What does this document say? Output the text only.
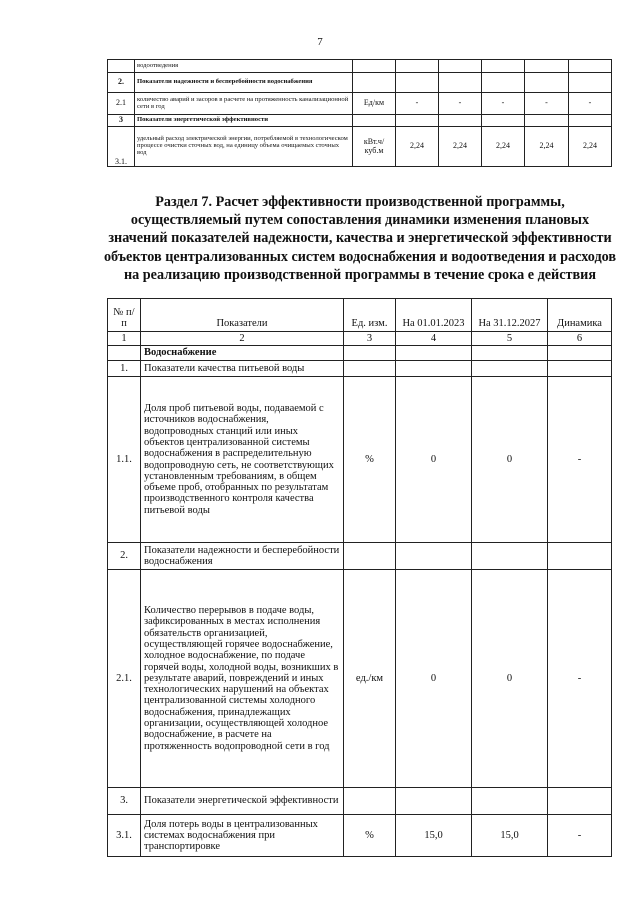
7
	водоотведения						
2.	Показатели надежности и бесперебойности водоснабжения						
2.1	количество аварий и засоров в расчете на протяженность канализационной сети в год	Ед/км	-	-	-	-	-
3	Показатели энергетической эффективности						
3.1.	удельный расход электрической энергии, потребляемой в технологическом процессе очистки сточных вод, на единицу объема очищаемых сточных вод	кВт.ч/ куб.м	2,24	2,24	2,24	2,24	2,24
Раздел 7. Расчет эффективности производственной программы, осуществляемый путем сопоставления динамики изменения плановых значений показателей надежности, качества и энергетической эффективности объектов централизованных систем водоснабжения и водоотведения и расходов на реализацию производственной программы в течение срока е действия
№ п/п	Показатели	Ед. изм.	На 01.01.2023	На 31.12.2027	Динамика
1	2	3	4	5	6
	Водоснабжение				
1.	Показатели качества питьевой воды				
1.1.	Доля проб питьевой воды, подаваемой с источников водоснабжения, водопроводных станций или иных объектов централизованной системы водоснабжения в распределительную водопроводную сеть, не соответствующих установленным требованиям, в общем объеме проб, отобранных по результатам производственного контроля качества питьевой воды	%	0	0	-
2.	Показатели надежности и бесперебойности водоснабжения				
2.1.	Количество перерывов в подаче воды, зафиксированных в местах исполнения обязательств организацией, осуществляющей горячее водоснабжение, холодное водоснабжение, по подаче горячей воды, холодной воды, возникших в результате аварий, повреждений и иных технологических нарушений на объектах централизованной системы холодного водоснабжения, принадлежащих организации, осуществляющей холодное водоснабжение, в расчете на протяженность водопроводной сети в год	ед./км	0	0	-
3.	Показатели энергетической эффективности				
3.1.	Доля потерь воды в централизованных системах водоснабжения при транспортировке	%	15,0	15,0	-
